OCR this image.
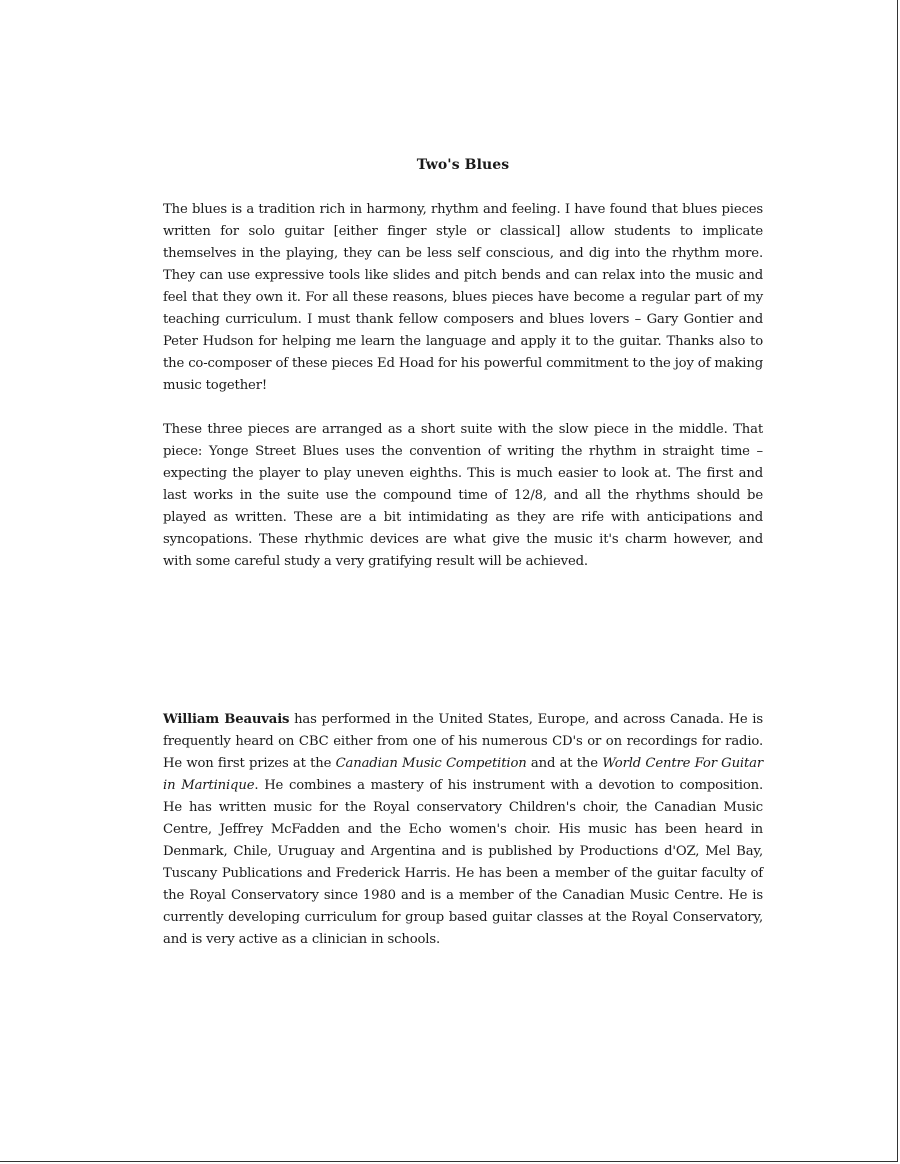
Two's Blues

The blues is a tradition rich in harmony, rhythm and feeling. I have found that blues pieces written for solo guitar [either finger style or classical] allow students to implicate themselves in the playing, they can be less self conscious, and dig into the rhythm more. They can use expressive tools like slides and pitch bends and can relax into the music and feel that they own it. For all these reasons, blues pieces have become a regular part of my teaching curriculum. I must thank fellow composers and blues lovers – Gary Gontier and Peter Hudson for helping me learn the language and apply it to the guitar. Thanks also to the co-composer of these pieces Ed Hoad for his powerful commitment to the joy of making music together!

These three pieces are arranged as a short suite with the slow piece in the middle. That piece: Yonge Street Blues uses the convention of writing the rhythm in straight time – expecting the player to play uneven eighths. This is much easier to look at. The first and last works in the suite use the compound time of 12/8, and all the rhythms should be played as written. These are a bit intimidating as they are rife with anticipations and syncopations. These rhythmic devices are what give the music it's charm however, and with some careful study a very gratifying result will be achieved.

William Beauvais has performed in the United States, Europe, and across Canada. He is frequently heard on CBC either from one of his numerous CD's or on recordings for radio. He won first prizes at the Canadian Music Competition and at the World Centre For Guitar in Martinique. He combines a mastery of his instrument with a devotion to composition. He has written music for the Royal conservatory Children's choir, the Canadian Music Centre, Jeffrey McFadden and the Echo women's choir. His music has been heard in Denmark, Chile, Uruguay and Argentina and is published by Productions d'OZ, Mel Bay, Tuscany Publications and Frederick Harris. He has been a member of the guitar faculty of the Royal Conservatory since 1980 and is a member of the Canadian Music Centre. He is currently developing curriculum for group based guitar classes at the Royal Conservatory, and is very active as a clinician in schools.
